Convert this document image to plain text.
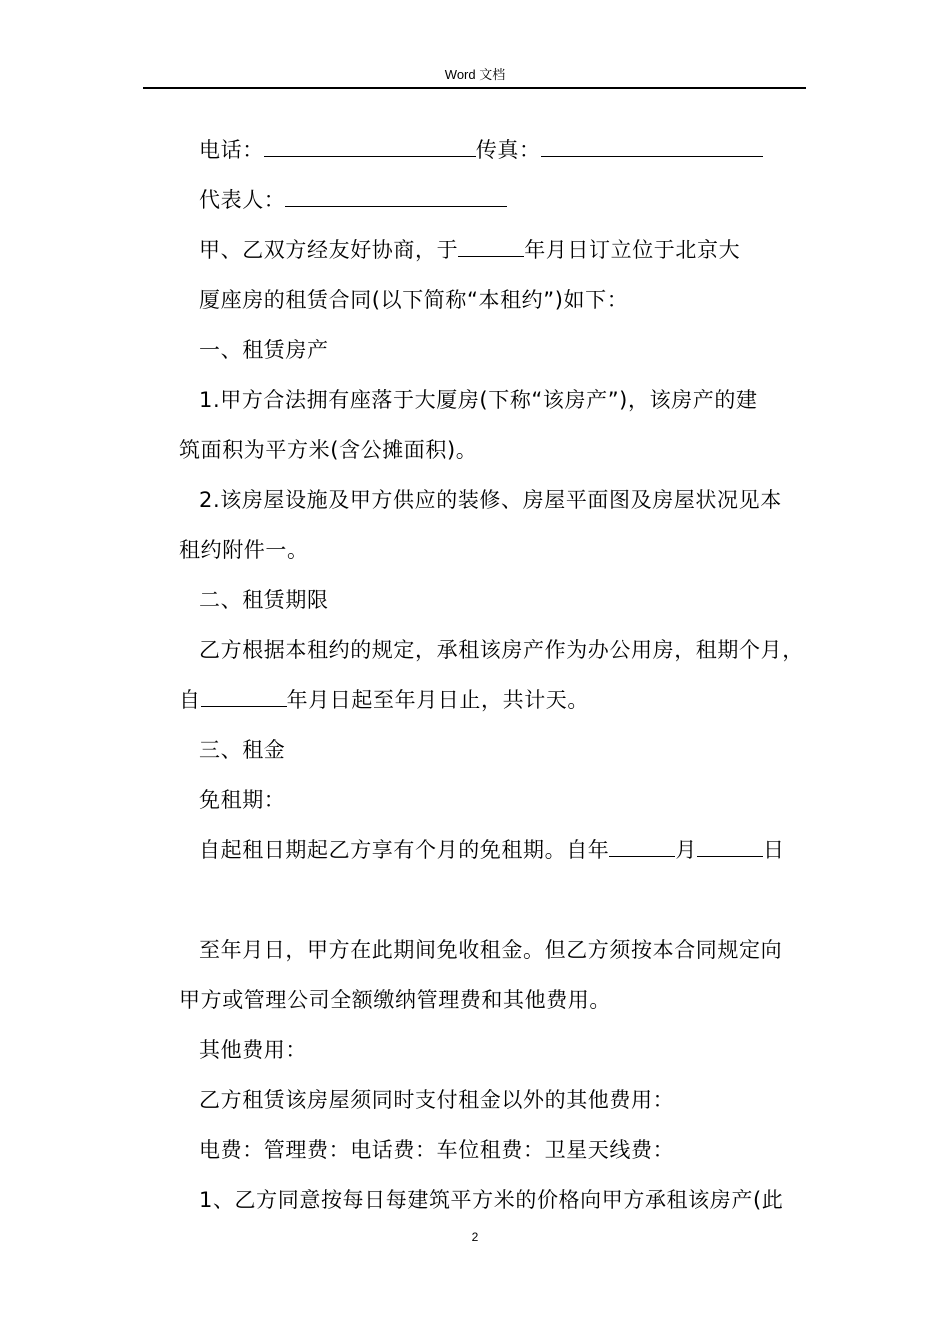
Word 文档
电话：	传真：
代表人：
甲、乙双方经友好协商，于	年月日订立位于北京大
厦座房的租赁合同(以下简称“本租约”)如下：
一、租赁房产
1.甲方合法拥有座落于大厦房(下称“该房产”)，该房产的建
筑面积为平方米(含公摊面积)。
2.该房屋设施及甲方供应的装修、房屋平面图及房屋状况见本
租约附件一。
二、租赁期限
乙方根据本租约的规定，承租该房产作为办公用房，租期个月，
自	年月日起至年月日止，共计天。
三、租金
免租期：
自起租日期起乙方享有个月的免租期。自年	月	日
至年月日，甲方在此期间免收租金。但乙方须按本合同规定向
甲方或管理公司全额缴纳管理费和其他费用。
其他费用：
乙方租赁该房屋须同时支付租金以外的其他费用：
电费：管理费：电话费：车位租费：卫星天线费：
1、乙方同意按每日每建筑平方米的价格向甲方承租该房产(此
2
